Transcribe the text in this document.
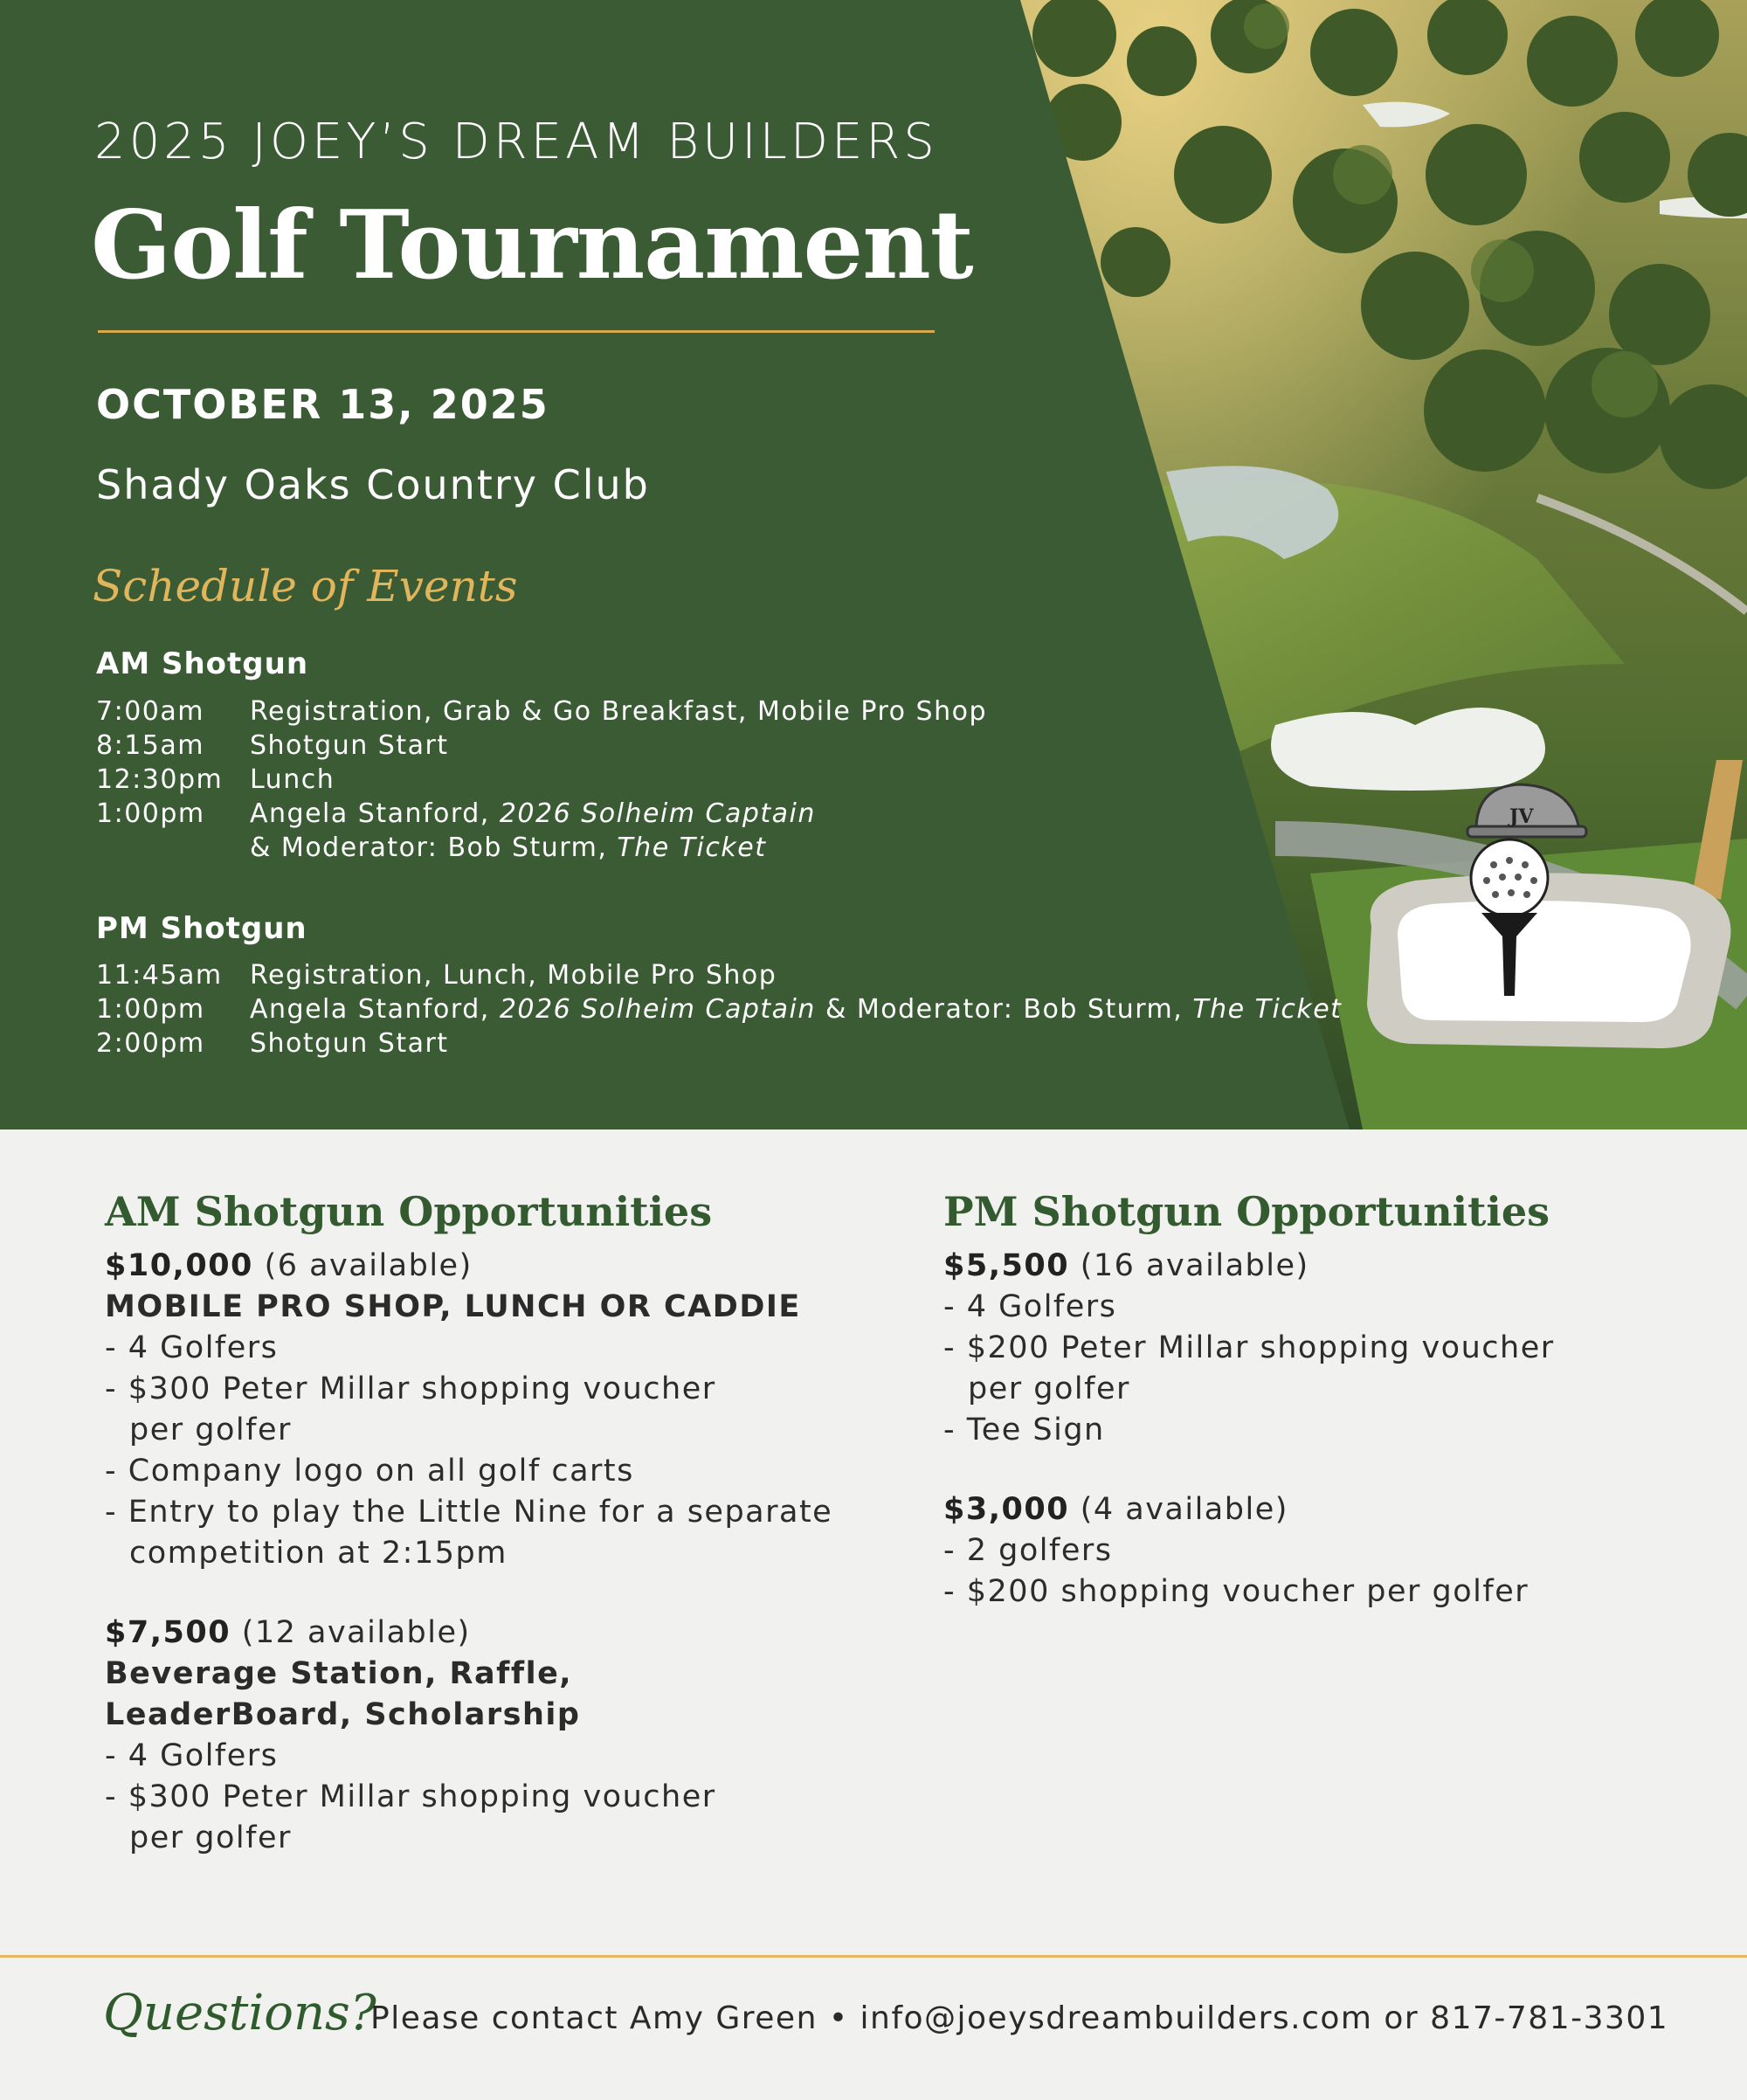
JV
2025 JOEY’S DREAM BUILDERS
Golf Tournament
OCTOBER 13, 2025
Shady Oaks Country Club
Schedule of Events
AM Shotgun
7:00am	Registration, Grab & Go Breakfast, Mobile Pro Shop
8:15am	Shotgun Start
12:30pm	Lunch
1:00pm	Angela Stanford, 2026 Solheim Captain
& Moderator: Bob Sturm, The Ticket
PM Shotgun
11:45am	Registration, Lunch, Mobile Pro Shop
1:00pm	Angela Stanford, 2026 Solheim Captain & Moderator: Bob Sturm, The Ticket
2:00pm	Shotgun Start
AM Shotgun Opportunities
$10,000 (6 available)
MOBILE PRO SHOP, LUNCH OR CADDIE
- 4 Golfers
- $300 Peter Millar shopping voucher per golfer
- Company logo on all golf carts
- Entry to play the Little Nine for a separate competition at 2:15pm
$7,500 (12 available)
Beverage Station, Raffle,
LeaderBoard, Scholarship
- 4 Golfers
- $300 Peter Millar shopping voucher per golfer
PM Shotgun Opportunities
$5,500 (16 available)
- 4 Golfers
- $200 Peter Millar shopping voucher per golfer
- Tee Sign
$3,000 (4 available)
- 2 golfers
- $200 shopping voucher per golfer
Questions?
Please contact Amy Green • info@joeysdreambuilders.com or 817-781-3301
